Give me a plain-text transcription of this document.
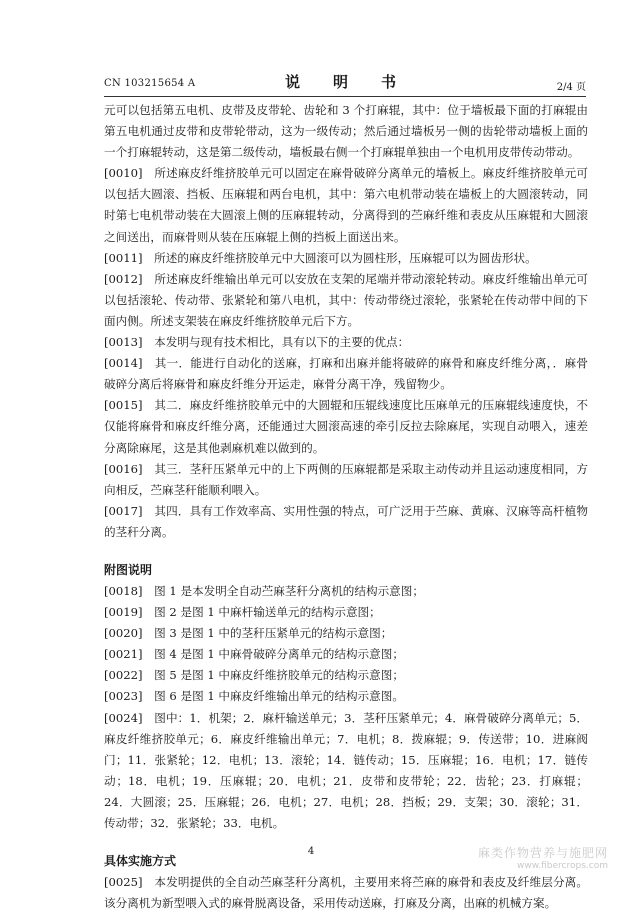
CN 103215654 A	说　明　书	2/4 页

元可以包括第五电机、皮带及皮带轮、齿轮和 3 个打麻辊，其中：位于墙板最下面的打麻辊由第五电机通过皮带和皮带轮带动，这为一级传动；然后通过墙板另一侧的齿轮带动墙板上面的一个打麻辊转动，这是第二级传动，墙板最右侧一个打麻辊单独由一个电机用皮带传动带动。

[0010]　所述麻皮纤维挤胶单元可以固定在麻骨破碎分离单元的墙板上。麻皮纤维挤胶单元可以包括大圆滚、挡板、压麻辊和两台电机，其中：第六电机带动装在墙板上的大圆滚转动，同时第七电机带动装在大圆滚上侧的压麻辊转动，分离得到的苎麻纤维和表皮从压麻辊和大圆滚之间送出，而麻骨则从装在压麻辊上侧的挡板上面送出来。

[0011]　所述的麻皮纤维挤胶单元中大圆滚可以为圆柱形，压麻辊可以为圆齿形状。

[0012]　所述麻皮纤维输出单元可以安放在支架的尾端并带动滚轮转动。麻皮纤维输出单元可以包括滚轮、传动带、张紧轮和第八电机，其中：传动带绕过滚轮，张紧轮在传动带中间的下面内侧。所述支架装在麻皮纤维挤胶单元后下方。

[0013]　本发明与现有技术相比，具有以下的主要的优点：

[0014]　其一．能进行自动化的送麻，打麻和出麻并能将破碎的麻骨和麻皮纤维分离，．麻骨破碎分离后将麻骨和麻皮纤维分开运走，麻骨分离干净，残留物少。

[0015]　其二．麻皮纤维挤胶单元中的大圆辊和压辊线速度比压麻单元的压麻辊线速度快，不仅能将麻骨和麻皮纤维分离，还能通过大圆滚高速的牵引反拉去除麻尾，实现自动喂入，速差分离除麻尾，这是其他剥麻机难以做到的。

[0016]　其三．茎秆压紧单元中的上下两侧的压麻辊都是采取主动传动并且运动速度相同，方向相反，苎麻茎秆能顺利喂入。

[0017]　其四．具有工作效率高、实用性强的特点，可广泛用于苎麻、黄麻、汉麻等高杆植物的茎秆分离。

附图说明

[0018]　图 1 是本发明全自动苎麻茎秆分离机的结构示意图；

[0019]　图 2 是图 1 中麻杆输送单元的结构示意图；

[0020]　图 3 是图 1 中的茎秆压紧单元的结构示意图；

[0021]　图 4 是图 1 中麻骨破碎分离单元的结构示意图；

[0022]　图 5 是图 1 中麻皮纤维挤胶单元的结构示意图；

[0023]　图 6 是图 1 中麻皮纤维输出单元的结构示意图。

[0024]　图中：1．机架；2．麻杆输送单元；3．茎秆压紧单元；4．麻骨破碎分离单元；5．麻皮纤维挤胶单元；6．麻皮纤维输出单元；7．电机；8．拨麻辊；9．传送带；10．进麻阀门；11．张紧轮；12．电机；13．滚轮；14．链传动；15．压麻辊；16．电机；17．链传动；18．电机；19．压麻辊；20．电机；21．皮带和皮带轮；22．齿轮；23．打麻辊；24．大圆滚；25．压麻辊；26．电机；27．电机；28．挡板；29．支架；30．滚轮；31．传动带；32．张紧轮；33．电机。

具体实施方式

[0025]　本发明提供的全自动苎麻茎秆分离机，主要用来将苎麻的麻骨和表皮及纤维层分离。该分离机为新型喂入式的麻骨脱离设备，采用传动送麻，打麻及分离，出麻的机械方案。

4	麻类作物营养与施肥网
www.fibercrops.com
